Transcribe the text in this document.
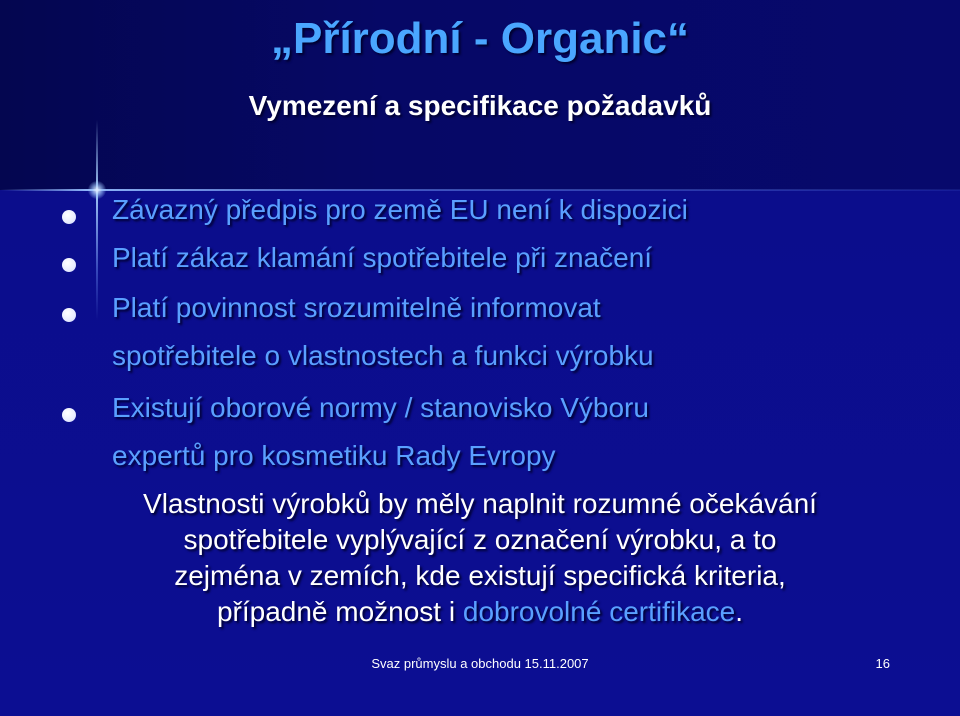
„Přírodní - Organic“
Vymezení a specifikace požadavků
Závazný předpis pro země EU není k dispozici
Platí zákaz klamání spotřebitele při značení
Platí povinnost srozumitelně informovat
spotřebitele o vlastnostech a funkci výrobku
Existují oborové normy / stanovisko Výboru
expertů pro kosmetiku Rady Evropy
Vlastnosti výrobků by měly naplnit rozumné očekávání
spotřebitele vyplývající z označení výrobku, a to
zejména v zemích, kde existují specifická kriteria,
případně možnost i dobrovolné certifikace.
Svaz průmyslu a obchodu 15.11.2007	16
